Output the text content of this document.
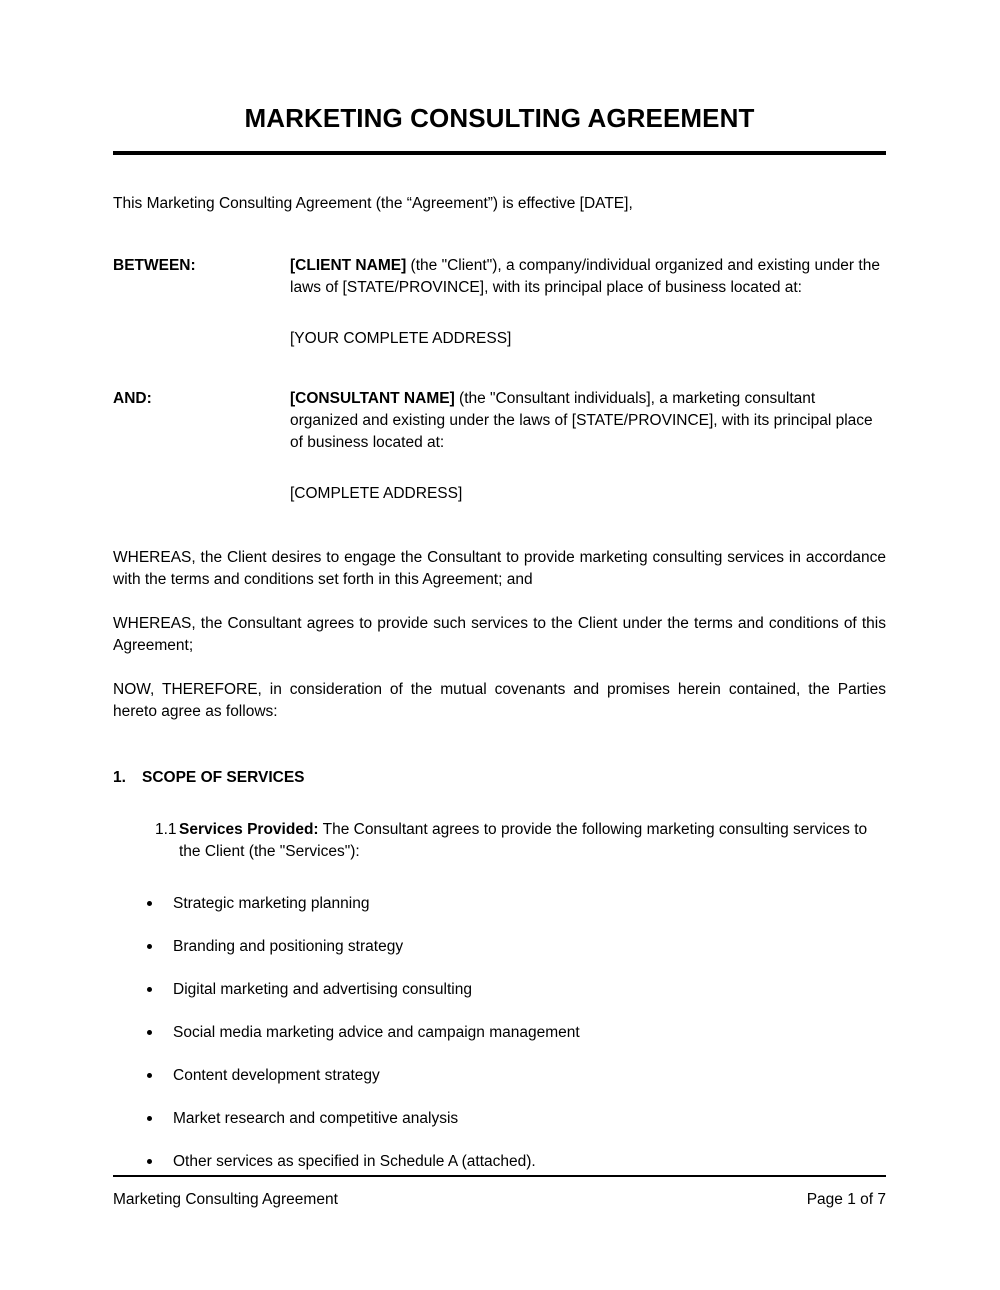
MARKETING CONSULTING AGREEMENT

This Marketing Consulting Agreement (the “Agreement”) is effective [DATE],

BETWEEN:	[CLIENT NAME] (the "Client"), a company/individual organized and existing under the laws of [STATE/PROVINCE], with its principal place of business located at:

[YOUR COMPLETE ADDRESS]

AND:	[CONSULTANT NAME] (the "Consultant individuals], a marketing consultant organized and existing under the laws of [STATE/PROVINCE], with its principal place of business located at:

[COMPLETE ADDRESS]

WHEREAS, the Client desires to engage the Consultant to provide marketing consulting services in accordance with the terms and conditions set forth in this Agreement; and

WHEREAS, the Consultant agrees to provide such services to the Client under the terms and conditions of this Agreement;

NOW, THEREFORE, in consideration of the mutual covenants and promises herein contained, the Parties hereto agree as follows:

1.	SCOPE OF SERVICES
1.1 Services Provided: The Consultant agrees to provide the following marketing consulting services to the Client (the "Services"):
Strategic marketing planning
Branding and positioning strategy
Digital marketing and advertising consulting
Social media marketing advice and campaign management
Content development strategy
Market research and competitive analysis
Other services as specified in Schedule A (attached).
Marketing Consulting Agreement	Page 1 of 7
